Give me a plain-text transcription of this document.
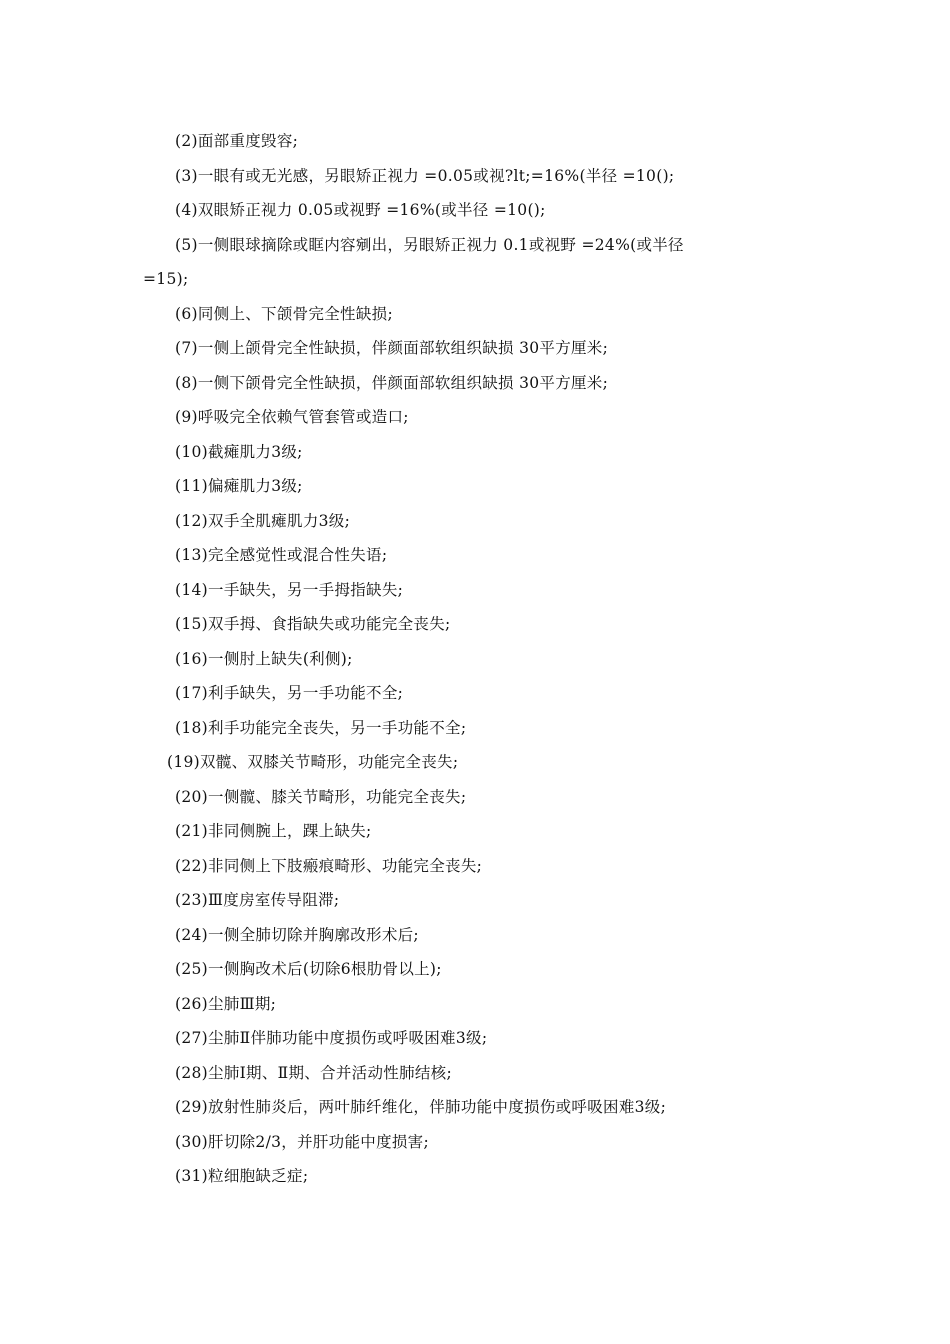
(2)面部重度毁容;
(3)一眼有或无光感，另眼矫正视力 =0.05或视?lt;=16%(半径 =10();
(4)双眼矫正视力 0.05或视野 =16%(或半径 =10();
(5)一侧眼球摘除或眶内容剜出，另眼矫正视力 0.1或视野 =24%(或半径
=15);
(6)同侧上、下颌骨完全性缺损;
(7)一侧上颌骨完全性缺损，伴颜面部软组织缺损 30平方厘米;
(8)一侧下颌骨完全性缺损，伴颜面部软组织缺损 30平方厘米;
(9)呼吸完全依赖气管套管或造口;
(10)截瘫肌力3级;
(11)偏瘫肌力3级;
(12)双手全肌瘫肌力3级;
(13)完全感觉性或混合性失语;
(14)一手缺失，另一手拇指缺失;
(15)双手拇、食指缺失或功能完全丧失;
(16)一侧肘上缺失(利侧);
(17)利手缺失，另一手功能不全;
(18)利手功能完全丧失，另一手功能不全;
(19)双髋、双膝关节畸形，功能完全丧失;
(20)一侧髋、膝关节畸形，功能完全丧失;
(21)非同侧腕上，踝上缺失;
(22)非同侧上下肢瘢痕畸形、功能完全丧失;
(23)Ⅲ度房室传导阻滞;
(24)一侧全肺切除并胸廓改形术后;
(25)一侧胸改术后(切除6根肋骨以上);
(26)尘肺Ⅲ期;
(27)尘肺Ⅱ伴肺功能中度损伤或呼吸困难3级;
(28)尘肺Ⅰ期、Ⅱ期、合并活动性肺结核;
(29)放射性肺炎后，两叶肺纤维化，伴肺功能中度损伤或呼吸困难3级;
(30)肝切除2/3，并肝功能中度损害;
(31)粒细胞缺乏症;
